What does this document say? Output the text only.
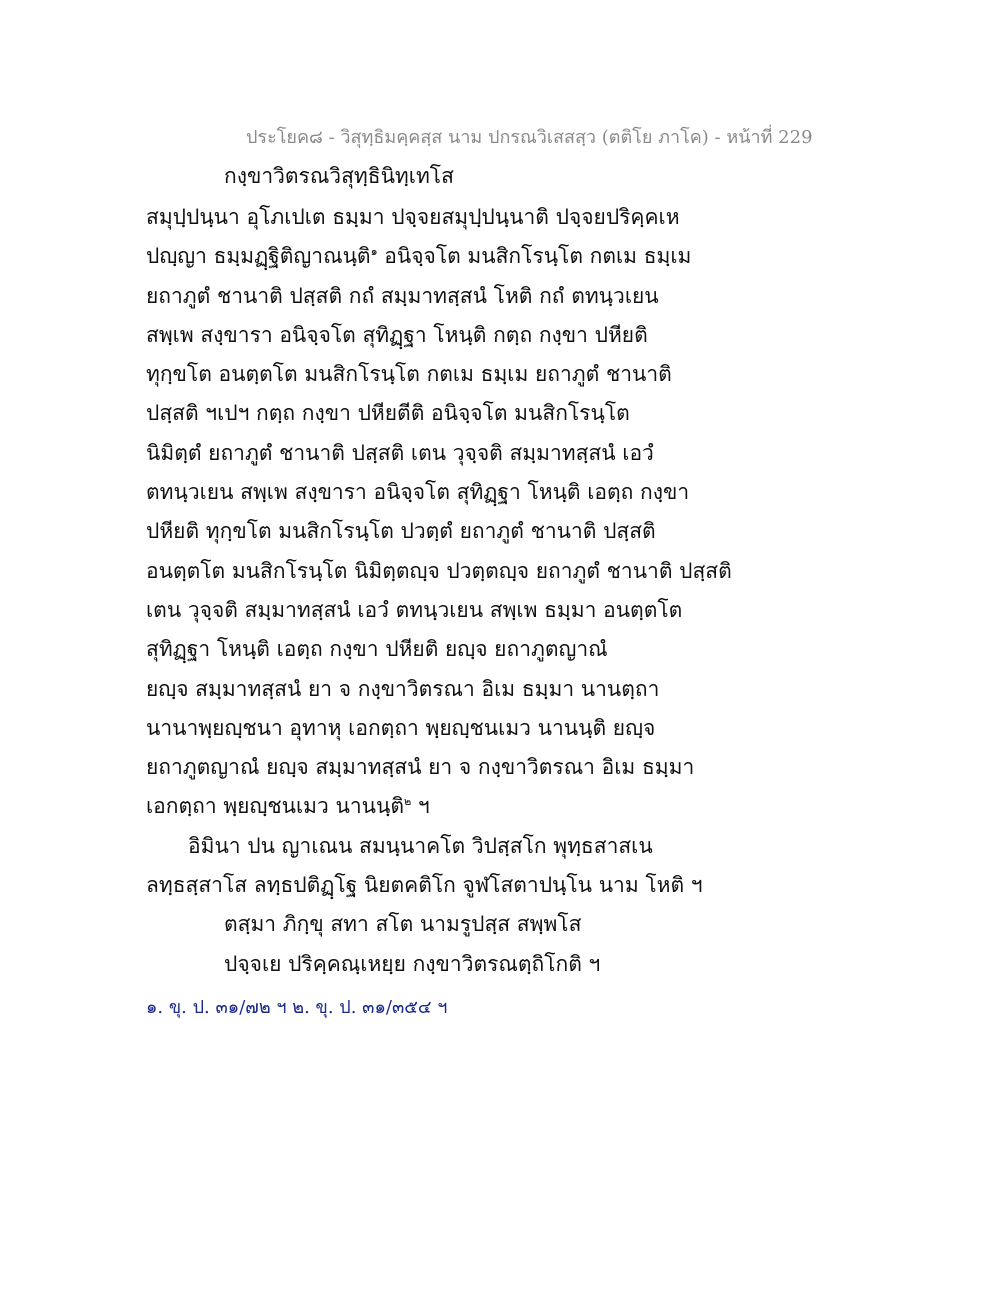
ประโยค๘ - วิสุทฺธิมคฺคสฺส นาม ปกรณวิเสสสฺว (ตติโย ภาโค) - หน้าที่ 229
กงฺขาวิตรณวิสุทฺธินิทฺเทโส
สมุปฺปนฺนา อุโภเปเต ธมฺมา ปจฺจยสมุปฺปนฺนาติ ปจฺจยปริคฺคเห
ปญฺญา ธมฺมฏฺฐิติญาณนฺติ$^๑$ อนิจฺจโต มนสิกโรนฺโต กตเม ธมฺเม
ยถาภูตํ ชานาติ ปสฺสติ กถํ สมฺมาทสฺสนํ โหติ กถํ ตทนฺวเยน
สพฺเพ สงฺขารา อนิจฺจโต สุทิฏฺฐา โหนฺติ กตฺถ กงฺขา ปหียติ
ทุกฺขโต อนตฺตโต มนสิกโรนฺโต กตเม ธมฺเม ยถาภูตํ ชานาติ
ปสฺสติ ฯเปฯ กตฺถ กงฺขา ปหียตีติ อนิจฺจโต มนสิกโรนฺโต
นิมิตฺตํ ยถาภูตํ ชานาติ ปสฺสติ เตน วุจฺจติ สมฺมาทสฺสนํ เอวํ
ตทนฺวเยน สพฺเพ สงฺขารา อนิจฺจโต สุทิฏฺฐา โหนฺติ เอตฺถ กงฺขา
ปหียติ ทุกฺขโต มนสิกโรนฺโต ปวตฺตํ ยถาภูตํ ชานาติ ปสฺสติ
อนตฺตโต มนสิกโรนฺโต นิมิตฺตญฺจ ปวตฺตญฺจ ยถาภูตํ ชานาติ ปสฺสติ
เตน วุจฺจติ สมฺมาทสฺสนํ เอวํ ตทนฺวเยน สพฺเพ ธมฺมา อนตฺตโต
สุทิฏฺฐา โหนฺติ เอตฺถ กงฺขา ปหียติ ยญฺจ ยถาภูตญาณํ
ยญฺจ สมฺมาทสฺสนํ ยา จ กงฺขาวิตรณา อิเม ธมฺมา นานตฺถา
นานาพฺยญฺชนา อุทาหุ เอกตฺถา พฺยญฺชนเมว นานนฺติ ยญฺจ
ยถาภูตญาณํ ยญฺจ สมฺมาทสฺสนํ ยา จ กงฺขาวิตรณา อิเม ธมฺมา
เอกตฺถา พฺยญฺชนเมว นานนฺติ$^๒$ ฯ
อิมินา ปน ญาเณน สมนฺนาคโต วิปสฺสโก พุทฺธสาสเน
ลทฺธสฺสาโส ลทฺธปติฏฺโฐ นิยตคติโก จูฬโสตาปนฺโน นาม โหติ ฯ
ตสฺมา ภิกฺขุ สทา สโต นามรูปสฺส สพฺพโส
ปจฺจเย ปริคฺคณฺเหยฺย กงฺขาวิตรณตฺถิโกติ ฯ
๑. ขุ. ป. ๓๑/๗๒ ฯ ๒. ขุ. ป. ๓๑/๓๕๔ ฯ
